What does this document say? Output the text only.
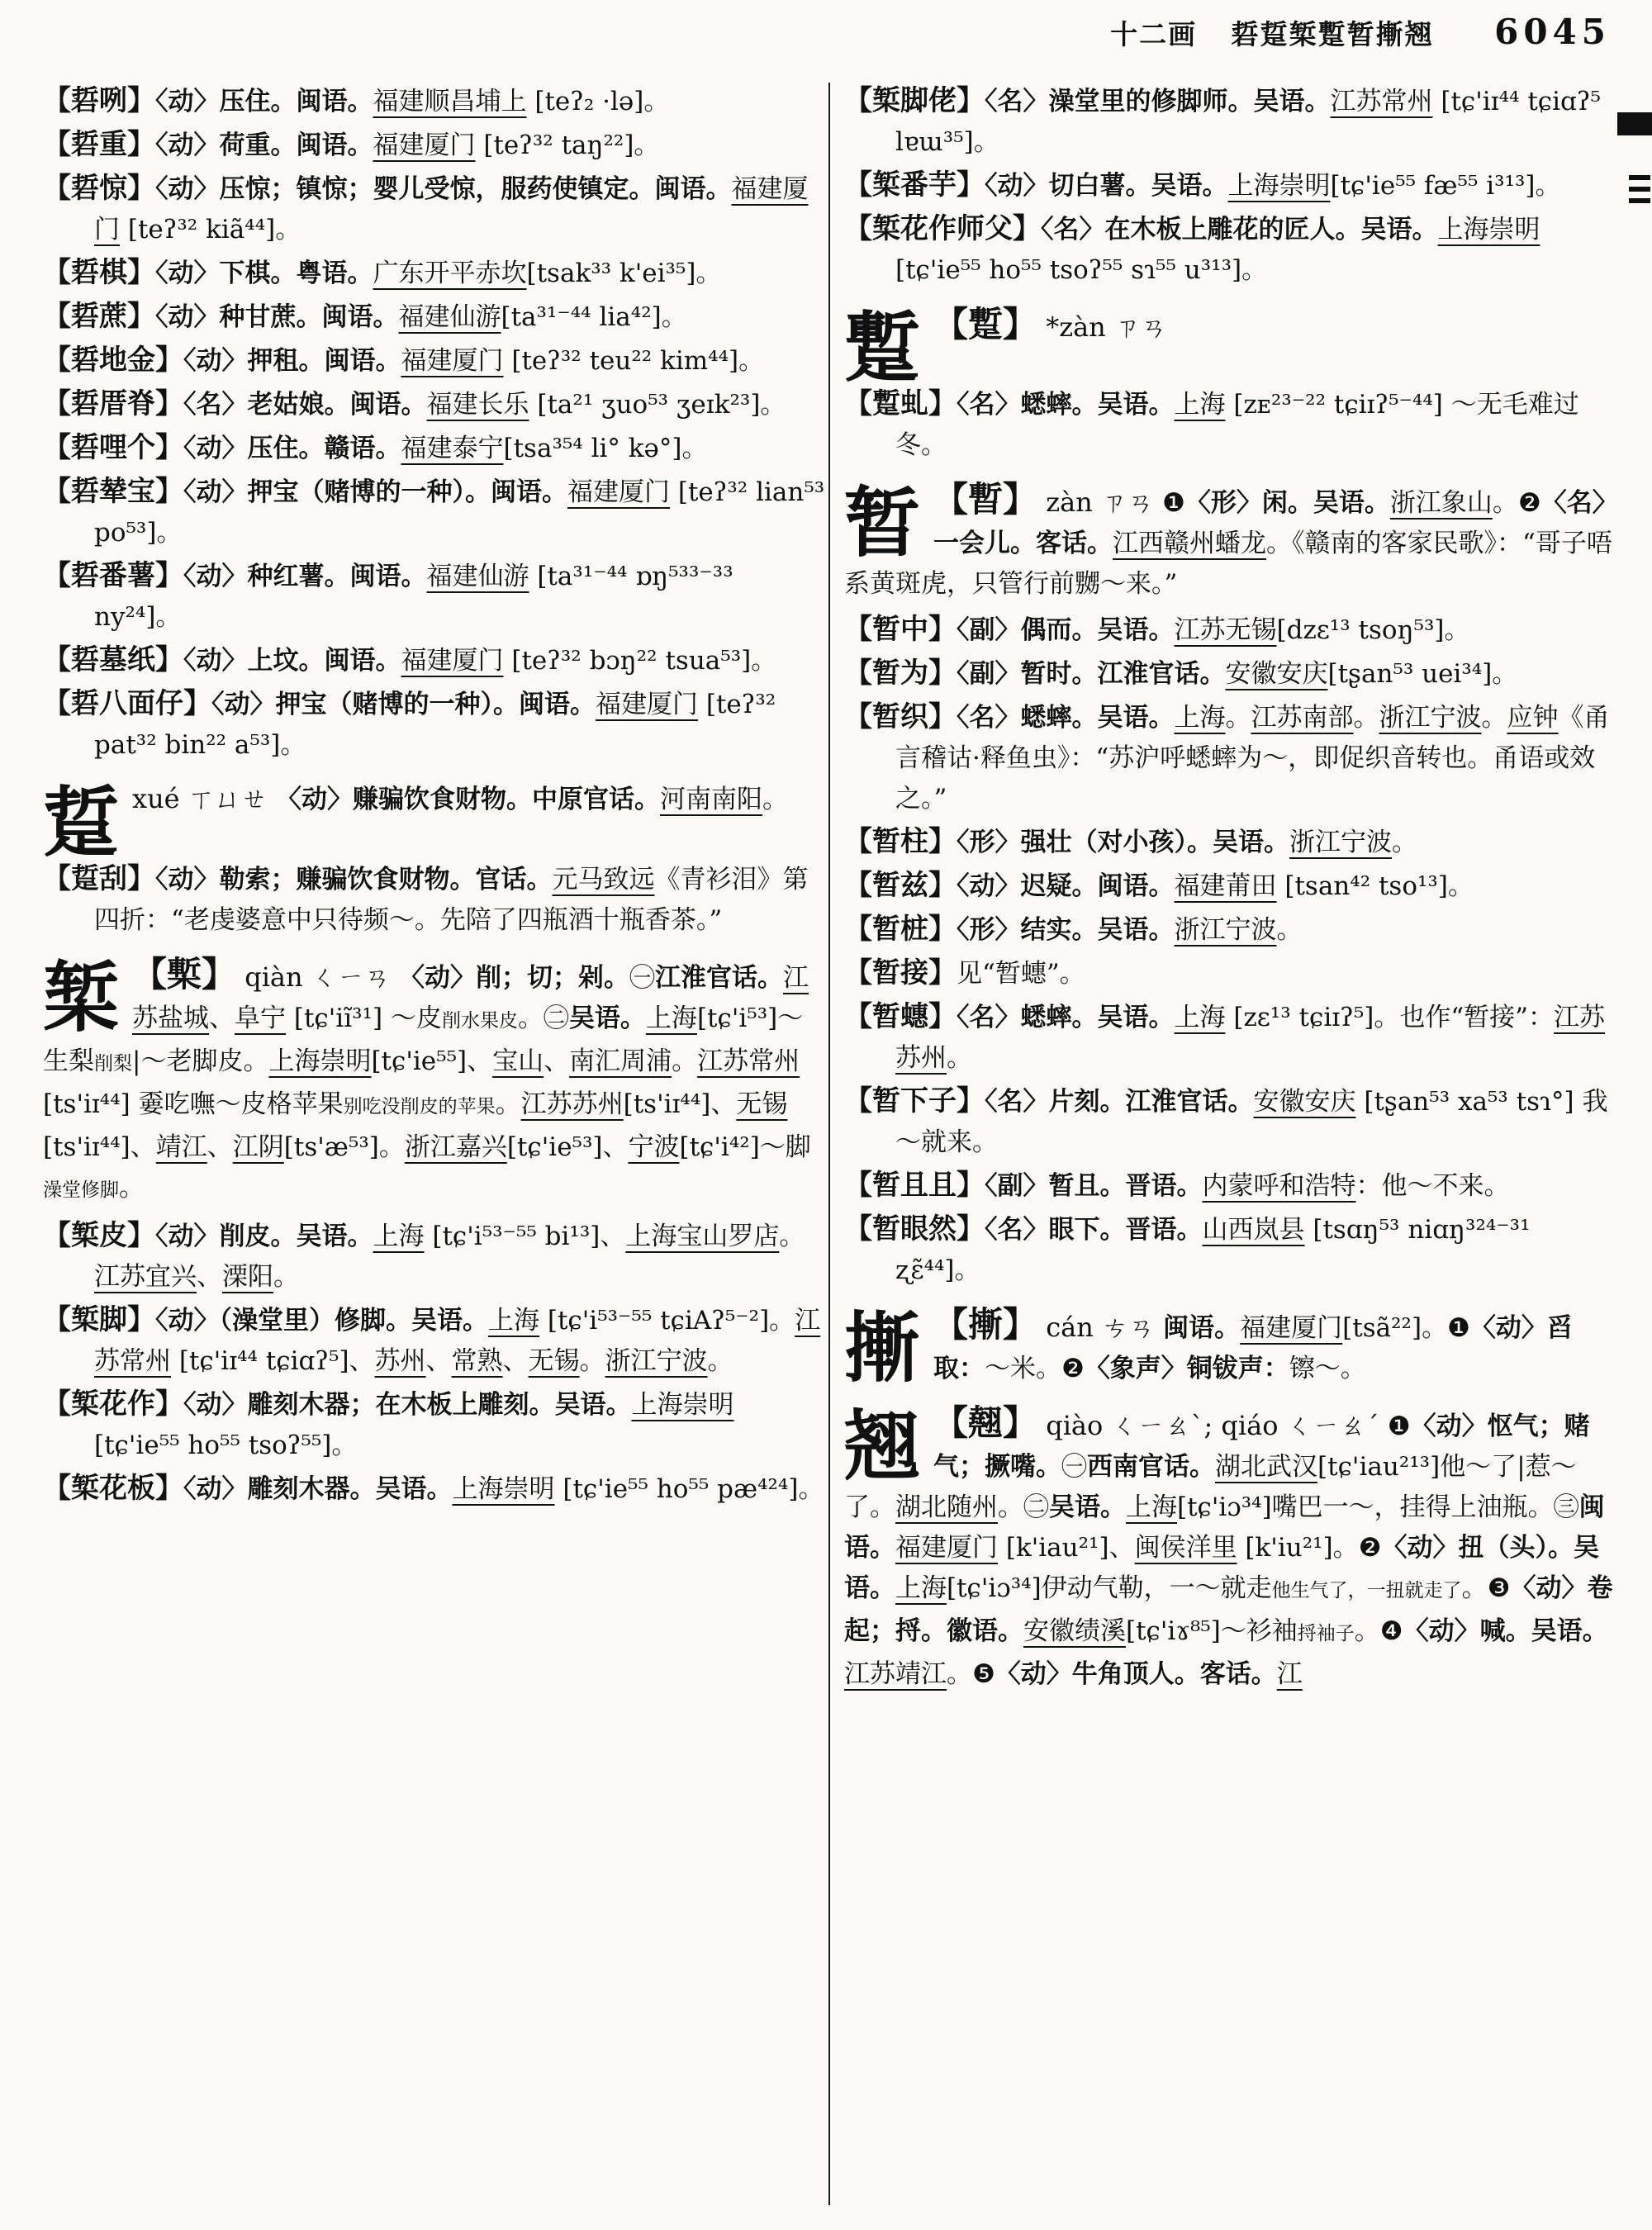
十二画 硩踅椠蹔暂摲翘 6045
【硩咧】〈动〉压住。闽语。福建顺昌埔上 [teʔ₂ ·lə]。
【硩重】〈动〉荷重。闽语。福建厦门 [teʔ³² taŋ²²]。
【硩惊】〈动〉压惊；镇惊；婴儿受惊，服药使镇定。闽语。福建厦门 [teʔ³² kiã⁴⁴]。
【硩棋】〈动〉下棋。粤语。广东开平赤坎[tsak³³ k'ei³⁵]。
【硩蔗】〈动〉种甘蔗。闽语。福建仙游[ta³¹⁻⁴⁴ lia⁴²]。
【硩地金】〈动〉押租。闽语。福建厦门 [teʔ³² teu²² kim⁴⁴]。
【硩厝脊】〈名〉老姑娘。闽语。福建长乐 [ta²¹ ʒuo⁵³ ʒeɪk²³]。
【硩哩个】〈动〉压住。赣语。福建泰宁[tsa³⁵⁴ li° kə°]。
【硩辇宝】〈动〉押宝（赌博的一种）。闽语。福建厦门 [teʔ³² lian⁵³ po⁵³]。
【硩番薯】〈动〉种红薯。闽语。福建仙游 [ta³¹⁻⁴⁴ ɒŋ⁵³³⁻³³ ny²⁴]。
【硩墓纸】〈动〉上坟。闽语。福建厦门 [teʔ³² bɔŋ²² tsua⁵³]。
【硩八面仔】〈动〉押宝（赌博的一种）。闽语。福建厦门 [teʔ³² pat³² bin²² a⁵³]。
踅 xué ㄒㄩㄝ 〈动〉赚骗饮食财物。中原官话。河南南阳。
【踅刮】〈动〉勒索；赚骗饮食财物。官话。元马致远《青衫泪》第四折：“老虔婆意中只待频～。先陪了四瓶酒十瓶香茶。”
椠 【槧】 qiàn ㄑㄧㄢ 〈动〉削；切；剁。㊀江淮官话。江苏盐城、阜宁 [tɕ'iĩ³¹] ～皮削水果皮。㊁吴语。上海[tɕ'i⁵³]～生梨削梨|～老脚皮。上海崇明[tɕ'ie⁵⁵]、宝山、南汇周浦。江苏常州[ts'iɪ⁴⁴] 嫑吃嘸～皮格苹果别吃没削皮的苹果。江苏苏州[ts'iɪ⁴⁴]、无锡 [ts'iɪ⁴⁴]、靖江、江阴[ts'æ⁵³]。浙江嘉兴[tɕ'ie⁵³]、宁波[tɕ'i⁴²]～脚澡堂修脚。
【椠皮】〈动〉削皮。吴语。上海 [tɕ'i⁵³⁻⁵⁵ bi¹³]、上海宝山罗店。江苏宜兴、溧阳。
【椠脚】〈动〉（澡堂里）修脚。吴语。上海 [tɕ'i⁵³⁻⁵⁵ tɕiAʔ⁵⁻²]。江苏常州 [tɕ'iɪ⁴⁴ tɕiɑʔ⁵]、苏州、常熟、无锡。浙江宁波。
【椠花作】〈动〉雕刻木器；在木板上雕刻。吴语。上海崇明 [tɕ'ie⁵⁵ ho⁵⁵ tsoʔ⁵⁵]。
【椠花板】〈动〉雕刻木器。吴语。上海崇明 [tɕ'ie⁵⁵ ho⁵⁵ pæ⁴²⁴]。
【椠脚佬】〈名〉澡堂里的修脚师。吴语。江苏常州 [tɕ'iɪ⁴⁴ tɕiɑʔ⁵ lɐɯ³⁵]。
【椠番芋】〈动〉切白薯。吴语。上海崇明[tɕ'ie⁵⁵ fæ⁵⁵ i³¹³]。
【椠花作师父】〈名〉在木板上雕花的匠人。吴语。上海崇明 [tɕ'ie⁵⁵ ho⁵⁵ tsoʔ⁵⁵ sɿ⁵⁵ u³¹³]。
蹔 【蹔】 *zàn ㄗㄢ
【蹔虬】〈名〉蟋蟀。吴语。上海 [zᴇ²³⁻²² tɕiɪʔ⁵⁻⁴⁴] ～无毛难过冬。
暂 【暫】 zàn ㄗㄢ ❶〈形〉闲。吴语。浙江象山。❷〈名〉一会儿。客话。江西赣州蟠龙。《赣南的客家民歌》：“哥子唔系黄斑虎，只管行前嬲～来。”
【暂中】〈副〉偶而。吴语。江苏无锡[dzɛ¹³ tsoŋ⁵³]。
【暂为】〈副〉暂时。江淮官话。安徽安庆[tʂan⁵³ uei³⁴]。
【暂织】〈名〉蟋蟀。吴语。上海。江苏南部。浙江宁波。应钟《甬言稽诂·释鱼虫》：“苏沪呼蟋蟀为～，即促织音转也。甬语或效之。”
【暂柱】〈形〉强壮（对小孩）。吴语。浙江宁波。
【暂兹】〈动〉迟疑。闽语。福建莆田 [tsan⁴² tso¹³]。
【暂桩】〈形〉结实。吴语。浙江宁波。
【暂接】见“暂蟪”。
【暂蟪】〈名〉蟋蟀。吴语。上海 [zɛ¹³ tɕiɪʔ⁵]。也作“暂接”：江苏苏州。
【暂下子】〈名〉片刻。江淮官话。安徽安庆 [tʂan⁵³ xa⁵³ tsɿ°] 我～就来。
【暂且且】〈副〉暂且。晋语。内蒙呼和浩特：他～不来。
【暂眼然】〈名〉眼下。晋语。山西岚县 [tsɑŋ⁵³ niɑŋ³²⁴⁻³¹ ʐɛ̃⁴⁴]。
摲 【摲】 cán ㄘㄢ 闽语。福建厦门[tsã²²]。❶〈动〉舀取：～米。❷〈象声〉铜钹声：镲～。
翘 【翹】 qiào ㄑㄧㄠˋ; qiáo ㄑㄧㄠˊ ❶〈动〉怄气；赌气；撅嘴。㊀西南官话。湖北武汉[tɕ'iau²¹³]他～了|惹～了。湖北随州。㊁吴语。上海[tɕ'iɔ³⁴]嘴巴一～，挂得上油瓶。㊂闽语。福建厦门 [k'iau²¹]、闽侯洋里 [k'iu²¹]。❷〈动〉扭（头）。吴语。上海[tɕ'iɔ³⁴]伊动气勒，一～就走他生气了，一扭就走了。❸〈动〉卷起；捋。徽语。安徽绩溪[tɕ'iɤ⁸⁵]～衫袖捋袖子。❹〈动〉喊。吴语。江苏靖江。❺〈动〉牛角顶人。客话。江
